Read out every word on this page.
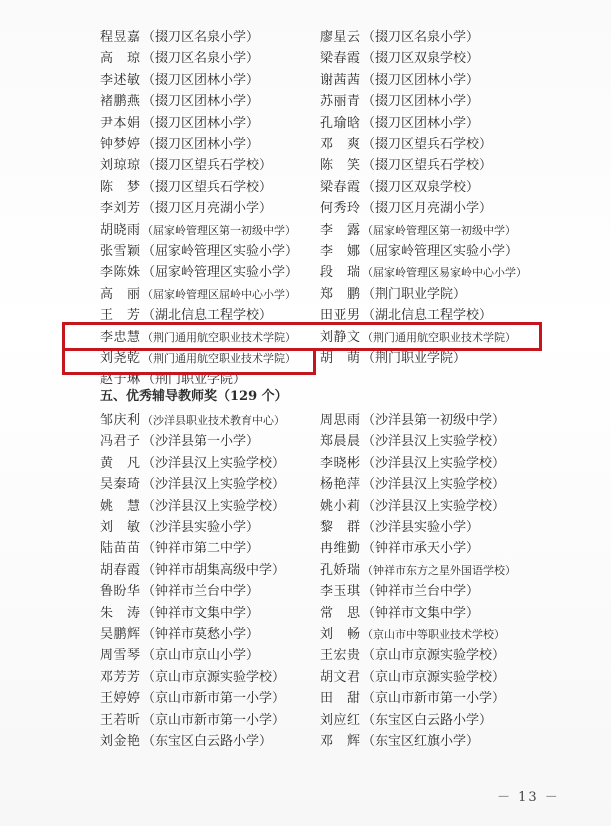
程昱嘉（掇刀区名泉小学）	廖星云（掇刀区名泉小学）
高　琼（掇刀区名泉小学）	梁春霞（掇刀区双泉学校）
李述敏（掇刀区团林小学）	谢茜茜（掇刀区团林小学）
褚鹏燕（掇刀区团林小学）	苏丽青（掇刀区团林小学）
尹本娟（掇刀区团林小学）	孔瑜晗（掇刀区团林小学）
钟梦婷（掇刀区团林小学）	邓　爽（掇刀区望兵石学校）
刘琼琼（掇刀区望兵石学校）	陈　笑（掇刀区望兵石学校）
陈　梦（掇刀区望兵石学校）	梁春霞（掇刀区双泉学校）
李刘芳（掇刀区月亮湖小学）	何秀玲（掇刀区月亮湖小学）
胡晓雨（屈家岭管理区第一初级中学） 李　露（屈家岭管理区第一初级中学）
张雪颖（屈家岭管理区实验小学） 李　娜（屈家岭管理区实验小学）
李陈姝（屈家岭管理区实验小学） 段　瑞（屈家岭管理区易家岭中心小学）
高　丽（屈家岭管理区屈岭中心小学） 郑　鹏（荆门职业学院）
王　芳（湖北信息工程学校）	田亚男（湖北信息工程学校）
李忠慧（荆门通用航空职业技术学院） 刘静文（荆门通用航空职业技术学院）
刘尧乾（荆门通用航空职业技术学院） 胡　萌（荆门职业学院）
赵子琳（荆门职业学院）
五、优秀辅导教师奖（129 个）
邹庆利（沙洋县职业技术教育中心）	周思雨（沙洋县第一初级中学）
冯君子（沙洋县第一小学）	郑晨晨（沙洋县汉上实验学校）
黄　凡（沙洋县汉上实验学校）	李晓彬（沙洋县汉上实验学校）
吴秦琦（沙洋县汉上实验学校）	杨艳萍（沙洋县汉上实验学校）
姚　慧（沙洋县汉上实验学校）	姚小莉（沙洋县汉上实验学校）
刘　敏（沙洋县实验小学）	黎　群（沙洋县实验小学）
陆苗苗（钟祥市第二中学）	冉维勤（钟祥市承天小学）
胡春霞（钟祥市胡集高级中学）	孔娇瑞（钟祥市东方之星外国语学校）
鲁盼华（钟祥市兰台中学）	李玉琪（钟祥市兰台中学）
朱　涛（钟祥市文集中学）	常　思（钟祥市文集中学）
吴鹏辉（钟祥市莫愁小学）	刘　畅（京山市中等职业技术学校）
周雪琴（京山市京山小学）	王宏贵（京山市京源实验学校）
邓芳芳（京山市京源实验学校）	胡文君（京山市京源实验学校）
王婷婷（京山市新市第一小学）	田　甜（京山市新市第一小学）
王若昕（京山市新市第一小学）	刘应红（东宝区白云路小学）
刘金艳（东宝区白云路小学）	邓　辉（东宝区红旗小学）
－ 13 －
